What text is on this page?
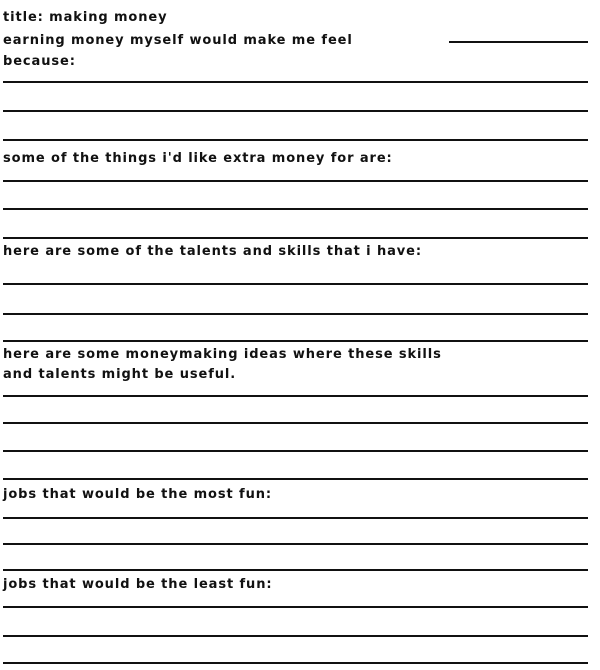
title: making money
earning money myself would make me feel
because:
some of the things i'd like extra money for are:
here are some of the talents and skills that i have:
here are some moneymaking ideas where these skills
and talents might be useful.
jobs that would be the most fun:
jobs that would be the least fun:
